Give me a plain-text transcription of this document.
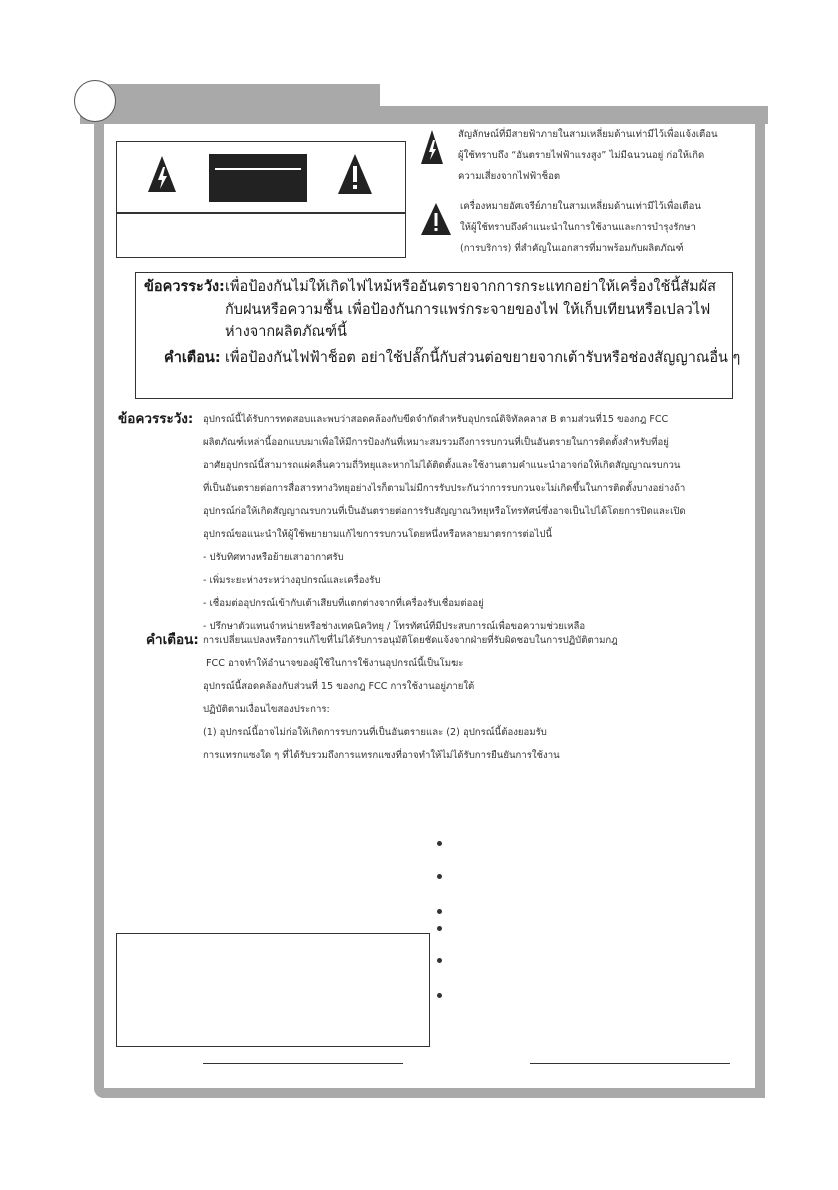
สัญลักษณ์ที่มีสายฟ้าภายในสามเหลี่ยมด้านเท่ามีไว้เพื่อแจ้งเตือน
ผู้ใช้ทราบถึง “อันตรายไฟฟ้าแรงสูง” ไม่มีฉนวนอยู่ ก่อให้เกิด
ความเสี่ยงจากไฟฟ้าช็อต
เครื่องหมายอัศเจรีย์ภายในสามเหลี่ยมด้านเท่ามีไว้เพื่อเตือน
ให้ผู้ใช้ทราบถึงคำแนะนำในการใช้งานและการบำรุงรักษา
(การบริการ) ที่สำคัญในเอกสารที่มาพร้อมกับผลิตภัณฑ์
ข้อควรระวัง: เพื่อป้องกันไม่ให้เกิดไฟไหม้หรืออันตรายจากการกระแทกอย่าให้เครื่องใช้นี้สัมผัส
กับฝนหรือความชื้น เพื่อป้องกันการแพร่กระจายของไฟ ให้เก็บเทียนหรือเปลวไฟ
ห่างจากผลิตภัณฑ์นี้
คำเตือน: เพื่อป้องกันไฟฟ้าช็อต อย่าใช้ปลั๊กนี้กับส่วนต่อขยายจากเต้ารับหรือช่องสัญญาณอื่น ๆ
ข้อควรระวัง: อุปกรณ์นี้ได้รับการทดสอบและพบว่าสอดคล้องกับขีดจำกัดสำหรับอุปกรณ์ดิจิทัลคลาส B ตามส่วนที่15 ของกฎ FCC
ผลิตภัณฑ์เหล่านี้ออกแบบมาเพื่อให้มีการป้องกันที่เหมาะสมรวมถึงการรบกวนที่เป็นอันตรายในการติดตั้งสำหรับที่อยู่
อาศัยอุปกรณ์นี้สามารถแผ่คลื่นความถี่วิทยุและหากไม่ได้ติดตั้งและใช้งานตามคำแนะนำอาจก่อให้เกิดสัญญาณรบกวน
ที่เป็นอันตรายต่อการสื่อสารทางวิทยุอย่างไรก็ตามไม่มีการรับประกันว่าการรบกวนจะไม่เกิดขึ้นในการติดตั้งบางอย่างถ้า
อุปกรณ์ก่อให้เกิดสัญญาณรบกวนที่เป็นอันตรายต่อการรับสัญญาณวิทยุหรือโทรทัศน์ซึ่งอาจเป็นไปได้โดยการปิดและเปิด
อุปกรณ์ขอแนะนำให้ผู้ใช้พยายามแก้ไขการรบกวนโดยหนึ่งหรือหลายมาตรการต่อไปนี้
- ปรับทิศทางหรือย้ายเสาอากาศรับ
- เพิ่มระยะห่างระหว่างอุปกรณ์และเครื่องรับ
- เชื่อมต่ออุปกรณ์เข้ากับเต้าเสียบที่แตกต่างจากที่เครื่องรับเชื่อมต่ออยู่
- ปรึกษาตัวแทนจำหน่ายหรือช่างเทคนิควิทยุ / โทรทัศน์ที่มีประสบการณ์เพื่อขอความช่วยเหลือ
คำเตือน: การเปลี่ยนแปลงหรือการแก้ไขที่ไม่ได้รับการอนุมัติโดยชัดแจ้งจากฝ่ายที่รับผิดชอบในการปฏิบัติตามกฎ
FCC อาจทำให้อำนาจของผู้ใช้ในการใช้งานอุปกรณ์นี้เป็นโมฆะ
อุปกรณ์นี้สอดคล้องกับส่วนที่ 15 ของกฎ FCC การใช้งานอยู่ภายใต้
ปฏิบัติตามเงื่อนไขสองประการ:
(1) อุปกรณ์นี้อาจไม่ก่อให้เกิดการรบกวนที่เป็นอันตรายและ (2) อุปกรณ์นี้ต้องยอมรับ
การแทรกแซงใด ๆ ที่ได้รับรวมถึงการแทรกแซงที่อาจทำให้ไม่ได้รับการยืนยันการใช้งาน
